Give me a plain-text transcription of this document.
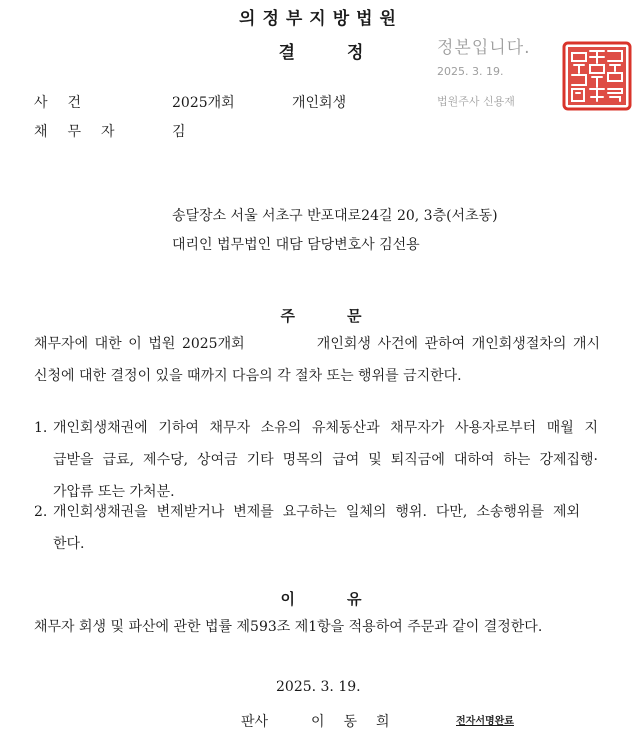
의정부지방법원
결정	정본입니다.
2025. 3. 19.
법원주사 신용재
사건	2025개회	개인회생
채무자	김
송달장소 서울 서초구 반포대로24길 20, 3층(서초동)
대리인 법무법인 대담 담당변호사 김선용
주문
채무자에 대한 이 법원 2025개회           개인회생 사건에 관하여 개인회생절차의 개시
신청에 대한 결정이 있을 때까지 다음의 각 절차 또는 행위를 금지한다.
1. 개인회생채권에 기하여 채무자 소유의 유체동산과 채무자가 사용자로부터 매월 지
급받을 급료, 제수당, 상여금 기타 명목의 급여 및 퇴직금에 대하여 하는 강제집행·
가압류 또는 가처분.
2. 개인회생채권을 변제받거나 변제를 요구하는 일체의 행위. 다만, 소송행위를 제외
한다.
이유
채무자 회생 및 파산에 관한 법률 제593조 제1항을 적용하여 주문과 같이 결정한다.
2025. 3. 19.
판사	이동희	전자서명완료
